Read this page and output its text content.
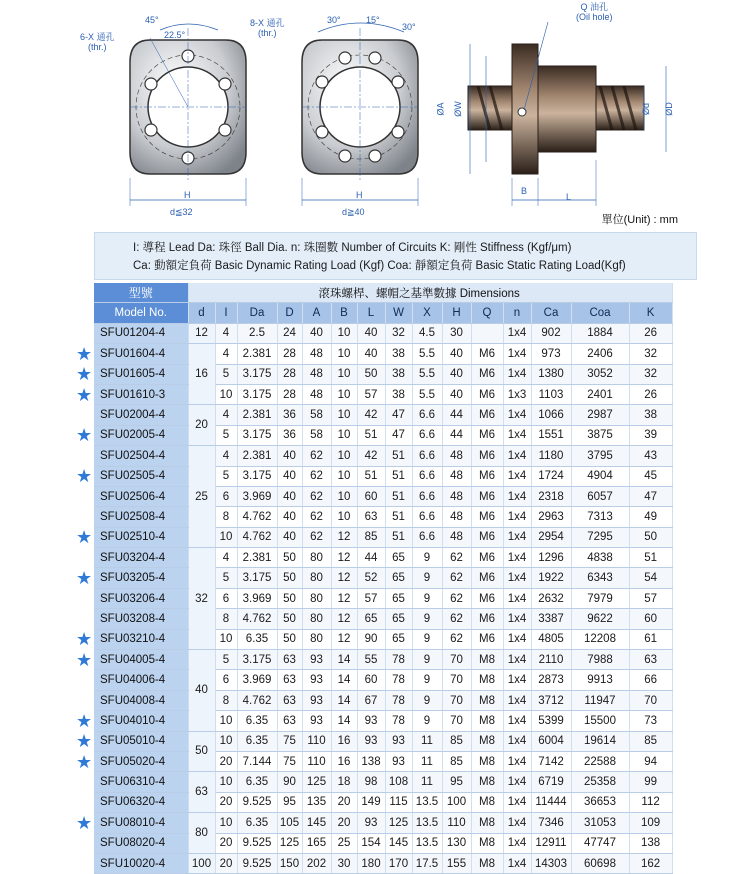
6-X 通孔
(thr.)
45°
22.5°
H
d≦32
8-X 通孔
(thr.)
30°	15°
30°
H
d≧40
Q 油孔
(Oil hole)
ØA ØW	Ød ØD
B
L
單位(Unit) : mm
I: 導程 Lead Da: 珠徑 Ball Dia. n: 珠圈數 Number of Circuits K: 剛性 Stiffness (Kgf/μm)
Ca: 動額定負荷 Basic Dynamic Rating Load (Kgf) Coa: 靜額定負荷 Basic Static Rating Load(Kgf)
型號	滾珠螺桿、螺帽之基準數據 Dimensions														
Model No.	d	I	Da	D	A	B	L	W	X	H	Q	n	Ca	Coa	K
SFU01204-4	12	4	2.5	24	40	10	40	32	4.5	30		1x4	902	1884	26
SFU01604-4	16	4	2.381	28	48	10	40	38	5.5	40	M6	1x4	973	2406	32
SFU01605-4		5	3.175	28	48	10	50	38	5.5	40	M6	1x4	1380	3052	32
SFU01610-3		10	3.175	28	48	10	57	38	5.5	40	M6	1x3	1103	2401	26
SFU02004-4	20	4	2.381	36	58	10	42	47	6.6	44	M6	1x4	1066	2987	38
SFU02005-4		5	3.175	36	58	10	51	47	6.6	44	M6	1x4	1551	3875	39
SFU02504-4	25	4	2.381	40	62	10	42	51	6.6	48	M6	1x4	1180	3795	43
SFU02505-4		5	3.175	40	62	10	51	51	6.6	48	M6	1x4	1724	4904	45
SFU02506-4		6	3.969	40	62	10	60	51	6.6	48	M6	1x4	2318	6057	47
SFU02508-4		8	4.762	40	62	10	63	51	6.6	48	M6	1x4	2963	7313	49
SFU02510-4		10	4.762	40	62	12	85	51	6.6	48	M6	1x4	2954	7295	50
SFU03204-4	32	4	2.381	50	80	12	44	65	9	62	M6	1x4	1296	4838	51
SFU03205-4		5	3.175	50	80	12	52	65	9	62	M6	1x4	1922	6343	54
SFU03206-4		6	3.969	50	80	12	57	65	9	62	M6	1x4	2632	7979	57
SFU03208-4		8	4.762	50	80	12	65	65	9	62	M6	1x4	3387	9622	60
SFU03210-4		10	6.35	50	80	12	90	65	9	62	M6	1x4	4805	12208	61
SFU04005-4	40	5	3.175	63	93	14	55	78	9	70	M8	1x4	2110	7988	63
SFU04006-4		6	3.969	63	93	14	60	78	9	70	M8	1x4	2873	9913	66
SFU04008-4		8	4.762	63	93	14	67	78	9	70	M8	1x4	3712	11947	70
SFU04010-4		10	6.35	63	93	14	93	78	9	70	M8	1x4	5399	15500	73
SFU05010-4	50	10	6.35	75	110	16	93	93	11	85	M8	1x4	6004	19614	85
SFU05020-4		20	7.144	75	110	16	138	93	11	85	M8	1x4	7142	22588	94
SFU06310-4	63	10	6.35	90	125	18	98	108	11	95	M8	1x4	6719	25358	99
SFU06320-4		20	9.525	95	135	20	149	115	13.5	100	M8	1x4	11444	36653	112
SFU08010-4	80	10	6.35	105	145	20	93	125	13.5	110	M8	1x4	7346	31053	109
SFU08020-4		20	9.525	125	165	25	154	145	13.5	130	M8	1x4	12911	47747	138
SFU10020-4	100	20	9.525	150	202	30	180	170	17.5	155	M8	1x4	14303	60698	162
★
★
★
★
★
★
★
★
★
★
★
★
★
